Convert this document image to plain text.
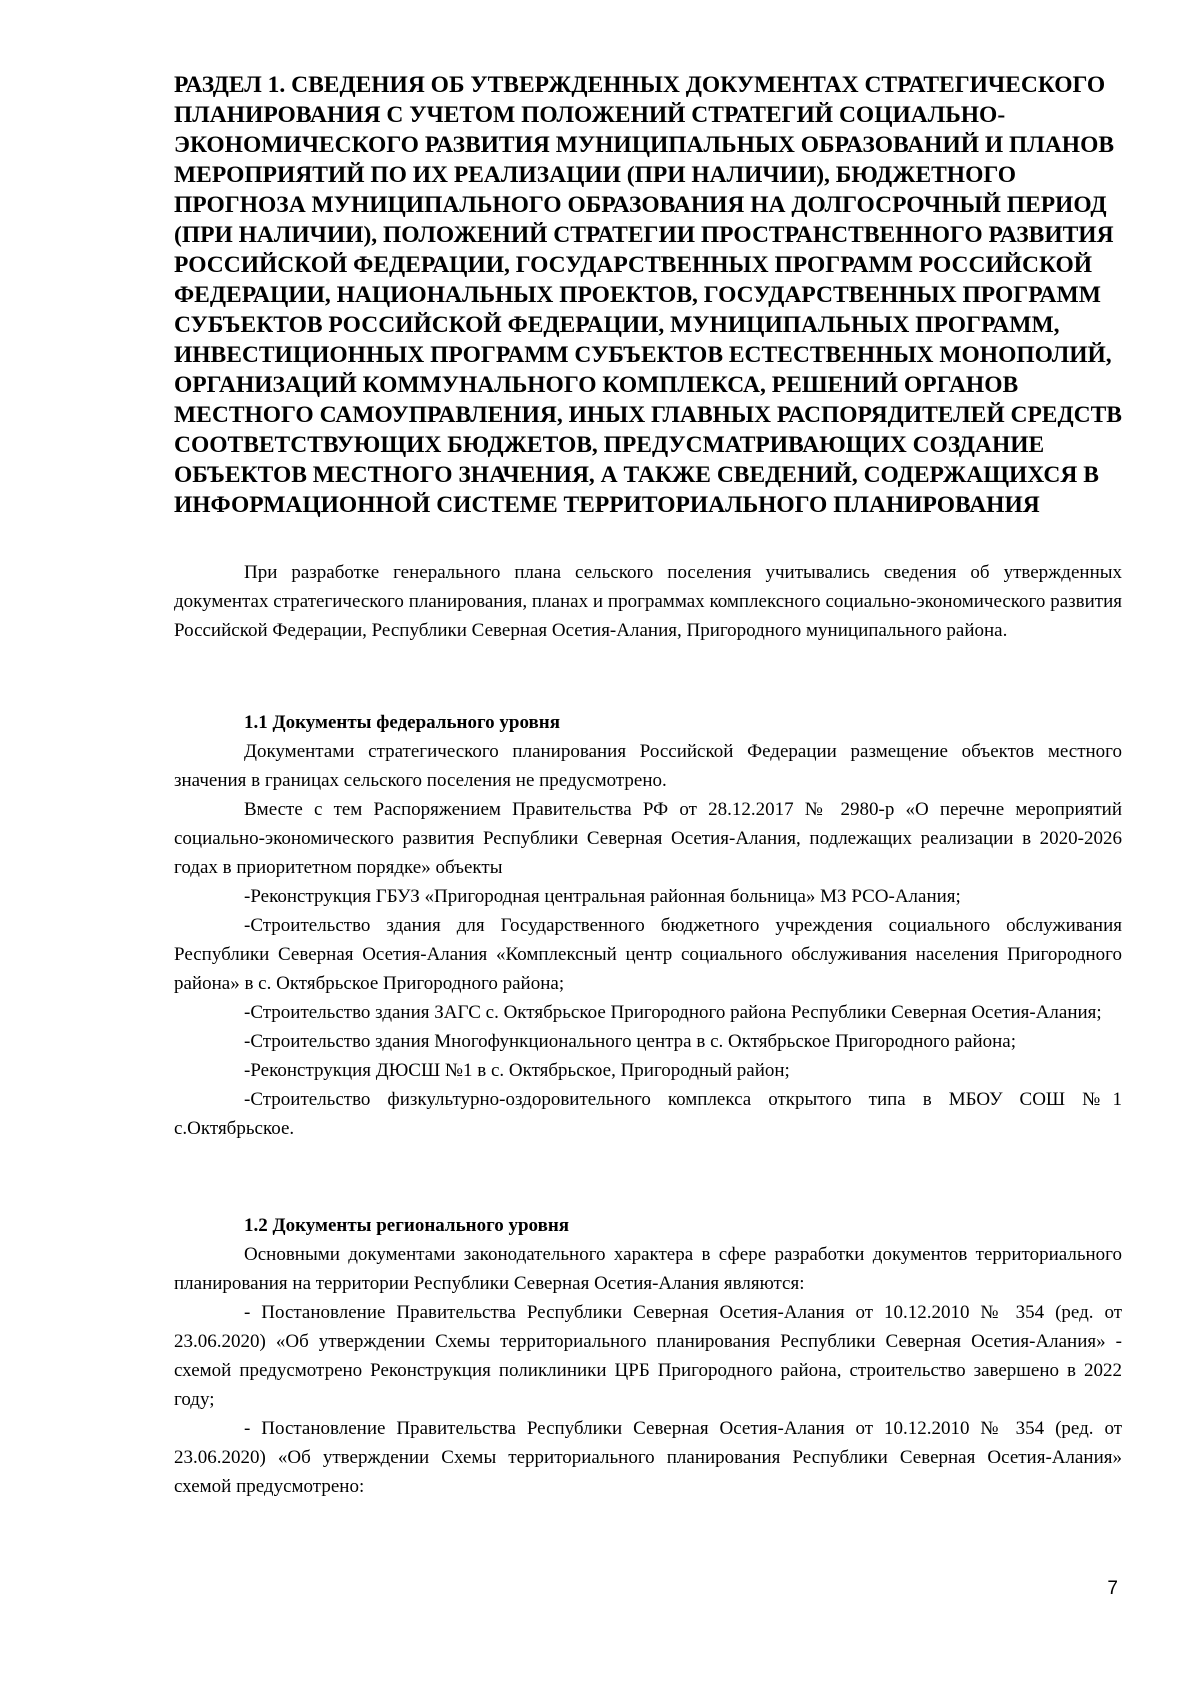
РАЗДЕЛ 1. СВЕДЕНИЯ ОБ УТВЕРЖДЕННЫХ ДОКУМЕНТАХ СТРАТЕГИЧЕСКОГО ПЛАНИРОВАНИЯ С УЧЕТОМ ПОЛОЖЕНИЙ СТРАТЕГИЙ СОЦИАЛЬНО-ЭКОНОМИЧЕСКОГО РАЗВИТИЯ МУНИЦИПАЛЬНЫХ ОБРАЗОВАНИЙ И ПЛАНОВ МЕРОПРИЯТИЙ ПО ИХ РЕАЛИЗАЦИИ (ПРИ НАЛИЧИИ), БЮДЖЕТНОГО ПРОГНОЗА МУНИЦИПАЛЬНОГО ОБРАЗОВАНИЯ НА ДОЛГОСРОЧНЫЙ ПЕРИОД (ПРИ НАЛИЧИИ), ПОЛОЖЕНИЙ СТРАТЕГИИ ПРОСТРАНСТВЕННОГО РАЗВИТИЯ РОССИЙСКОЙ ФЕДЕРАЦИИ, ГОСУДАРСТВЕННЫХ ПРОГРАММ РОССИЙСКОЙ ФЕДЕРАЦИИ, НАЦИОНАЛЬНЫХ ПРОЕКТОВ, ГОСУДАРСТВЕННЫХ ПРОГРАММ СУБЪЕКТОВ РОССИЙСКОЙ ФЕДЕРАЦИИ, МУНИЦИПАЛЬНЫХ ПРОГРАММ, ИНВЕСТИЦИОННЫХ ПРОГРАММ СУБЪЕКТОВ ЕСТЕСТВЕННЫХ МОНОПОЛИЙ, ОРГАНИЗАЦИЙ КОММУНАЛЬНОГО КОМПЛЕКСА, РЕШЕНИЙ ОРГАНОВ МЕСТНОГО САМОУПРАВЛЕНИЯ, ИНЫХ ГЛАВНЫХ РАСПОРЯДИТЕЛЕЙ СРЕДСТВ СООТВЕТСТВУЮЩИХ БЮДЖЕТОВ, ПРЕДУСМАТРИВАЮЩИХ СОЗДАНИЕ ОБЪЕКТОВ МЕСТНОГО ЗНАЧЕНИЯ, А ТАКЖЕ СВЕДЕНИЙ, СОДЕРЖАЩИХСЯ В ИНФОРМАЦИОННОЙ СИСТЕМЕ ТЕРРИТОРИАЛЬНОГО ПЛАНИРОВАНИЯ

При разработке генерального плана сельского поселения учитывались сведения об утвержденных документах стратегического планирования, планах и программах комплексного социально-экономического развития Российской Федерации, Республики Северная Осетия-Алания, Пригородного муниципального района.

1.1 Документы федерального уровня

Документами стратегического планирования Российской Федерации размещение объектов местного значения в границах сельского поселения не предусмотрено.

Вместе с тем Распоряжением Правительства РФ от 28.12.2017 № 2980-р «О перечне мероприятий социально-экономического развития Республики Северная Осетия-Алания, подлежащих реализации в 2020-2026 годах в приоритетном порядке» объекты

-Реконструкция ГБУЗ «Пригородная центральная районная больница» МЗ РСО-Алания;

-Строительство здания для Государственного бюджетного учреждения социального обслуживания Республики Северная Осетия-Алания «Комплексный центр социального обслуживания населения Пригородного района» в с. Октябрьское Пригородного района;

-Строительство здания ЗАГС с. Октябрьское Пригородного района Республики Северная Осетия-Алания;

-Строительство здания Многофункционального центра в с. Октябрьское Пригородного района;

-Реконструкция ДЮСШ №1 в с. Октябрьское, Пригородный район;

-Строительство физкультурно-оздоровительного комплекса открытого типа в МБОУ СОШ №1 с.Октябрьское.

1.2 Документы регионального уровня

Основными документами законодательного характера в сфере разработки документов территориального планирования на территории Республики Северная Осетия-Алания являются:

- Постановление Правительства Республики Северная Осетия-Алания от 10.12.2010 № 354 (ред. от 23.06.2020) «Об утверждении Схемы территориального планирования Республики Северная Осетия-Алания» - схемой предусмотрено Реконструкция поликлиники ЦРБ Пригородного района, строительство завершено в 2022 году;

- Постановление Правительства Республики Северная Осетия-Алания от 10.12.2010 № 354 (ред. от 23.06.2020) «Об утверждении Схемы территориального планирования Республики Северная Осетия-Алания» схемой предусмотрено:

7
